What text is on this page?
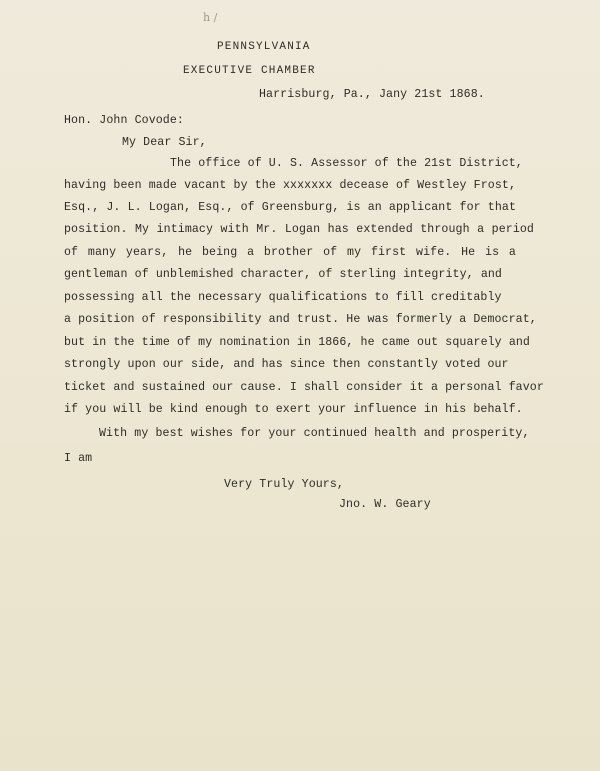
h /
PENNSYLVANIA
EXECUTIVE CHAMBER
Harrisburg, Pa., Jany 21st 1868.
Hon. John Covode:
My Dear Sir,
The office of U. S. Assessor of the 21st District,
having been made vacant by the xxxxxxx decease of Westley Frost,
Esq., J. L. Logan, Esq., of Greensburg, is an applicant for that
position. My intimacy with Mr. Logan has extended through a period
of many years, he being a brother of my first wife. He is a
gentleman of unblemished character, of sterling integrity, and
possessing all the necessary qualifications to fill creditably
a position of responsibility and trust. He was formerly a Democrat,
but in the time of my nomination in 1866, he came out squarely and
strongly upon our side, and has since then constantly voted our
ticket and sustained our cause. I shall consider it a personal favor
if you will be kind enough to exert your influence in his behalf.
With my best wishes for your continued health and prosperity,
I am
Very Truly Yours,
Jno. W. Geary
